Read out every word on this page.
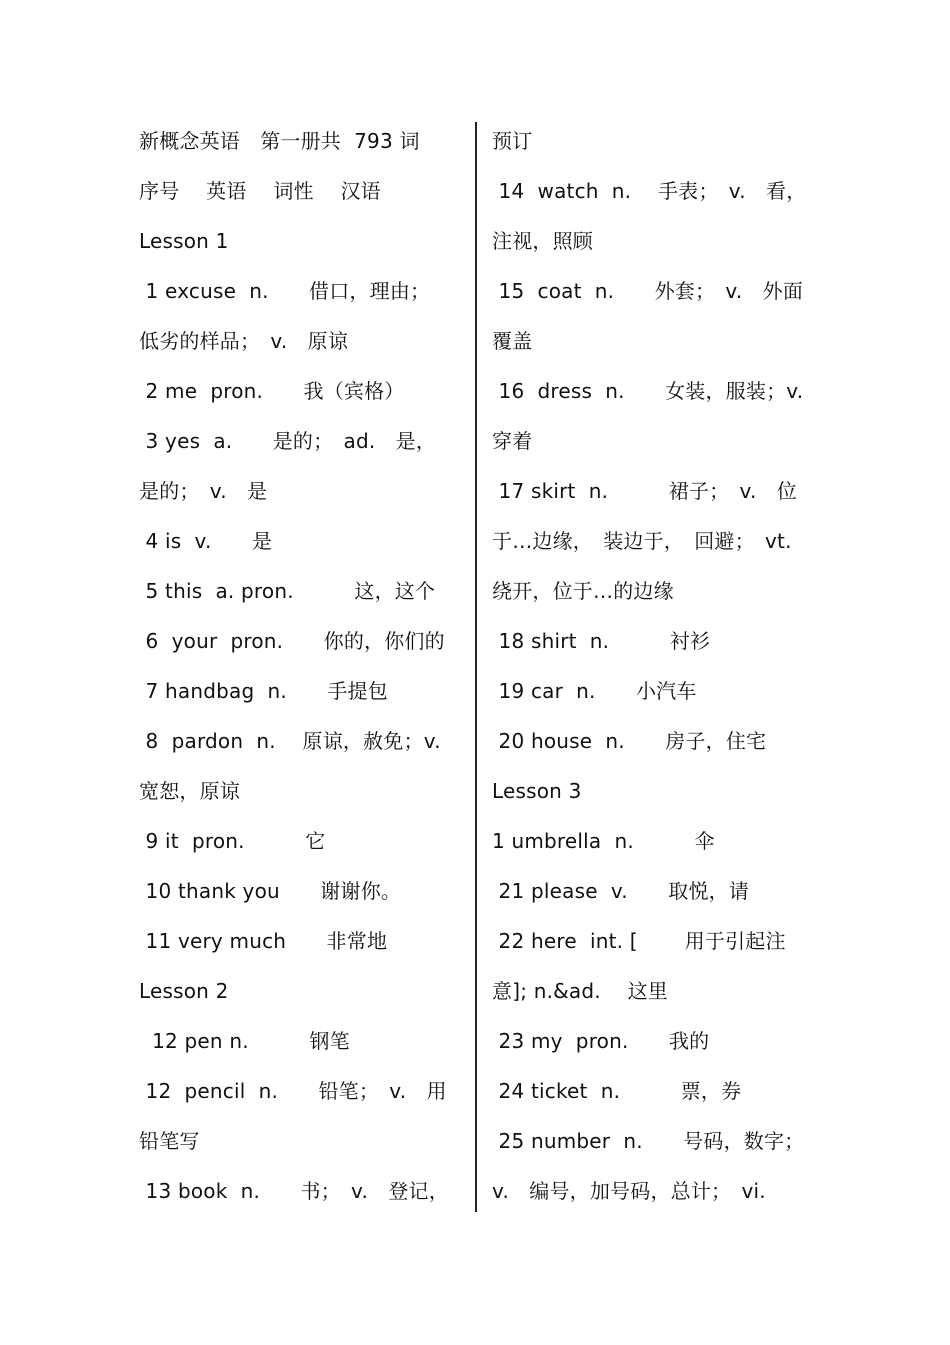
新概念英语　第一册共  793 词
序号　 英语　 词性　 汉语
Lesson 1
1 excuse  n.　　借口，理由；
低劣的样品；　v.　原谅
2 me  pron.　　我（宾格）
3 yes  a.　　是的；　ad.　是，
是的；　v.　是
4 is  v.　　是
5 this  a. pron.　　　这，这个
6  your  pron.　　你的，你们的
7 handbag  n.　　手提包
8  pardon  n.　 原谅，赦免；v.
宽恕，原谅
9 it  pron.　　　它
10 thank you　　谢谢你。
11 very much　　非常地
Lesson 2
12 pen n.　　　钢笔
12  pencil  n.　　铅笔；　v.　用
铅笔写
13 book  n.　　书；　v.　登记，
预订
14  watch  n.　 手表；　v.　看，
注视，照顾
15  coat  n.　　外套；　v.　外面
覆盖
16  dress  n.　　女装，服装；v.
穿着
17 skirt  n.　　　裙子；　v.　位
于…边缘，　装边于，　回避；　vt.
绕开，位于…的边缘
18 shirt  n.　　　衬衫
19 car  n.　　小汽车
20 house  n.　　房子，住宅
Lesson 3
1 umbrella  n.　　　伞
21 please  v.　　取悦，请
22 here  int. [　　 用于引起注
意]; n.&ad.　 这里
23 my  pron.　　我的
24 ticket  n.　　　票，券
25 number  n.　　号码，数字；
v.　编号，加号码，总计；　vi.
